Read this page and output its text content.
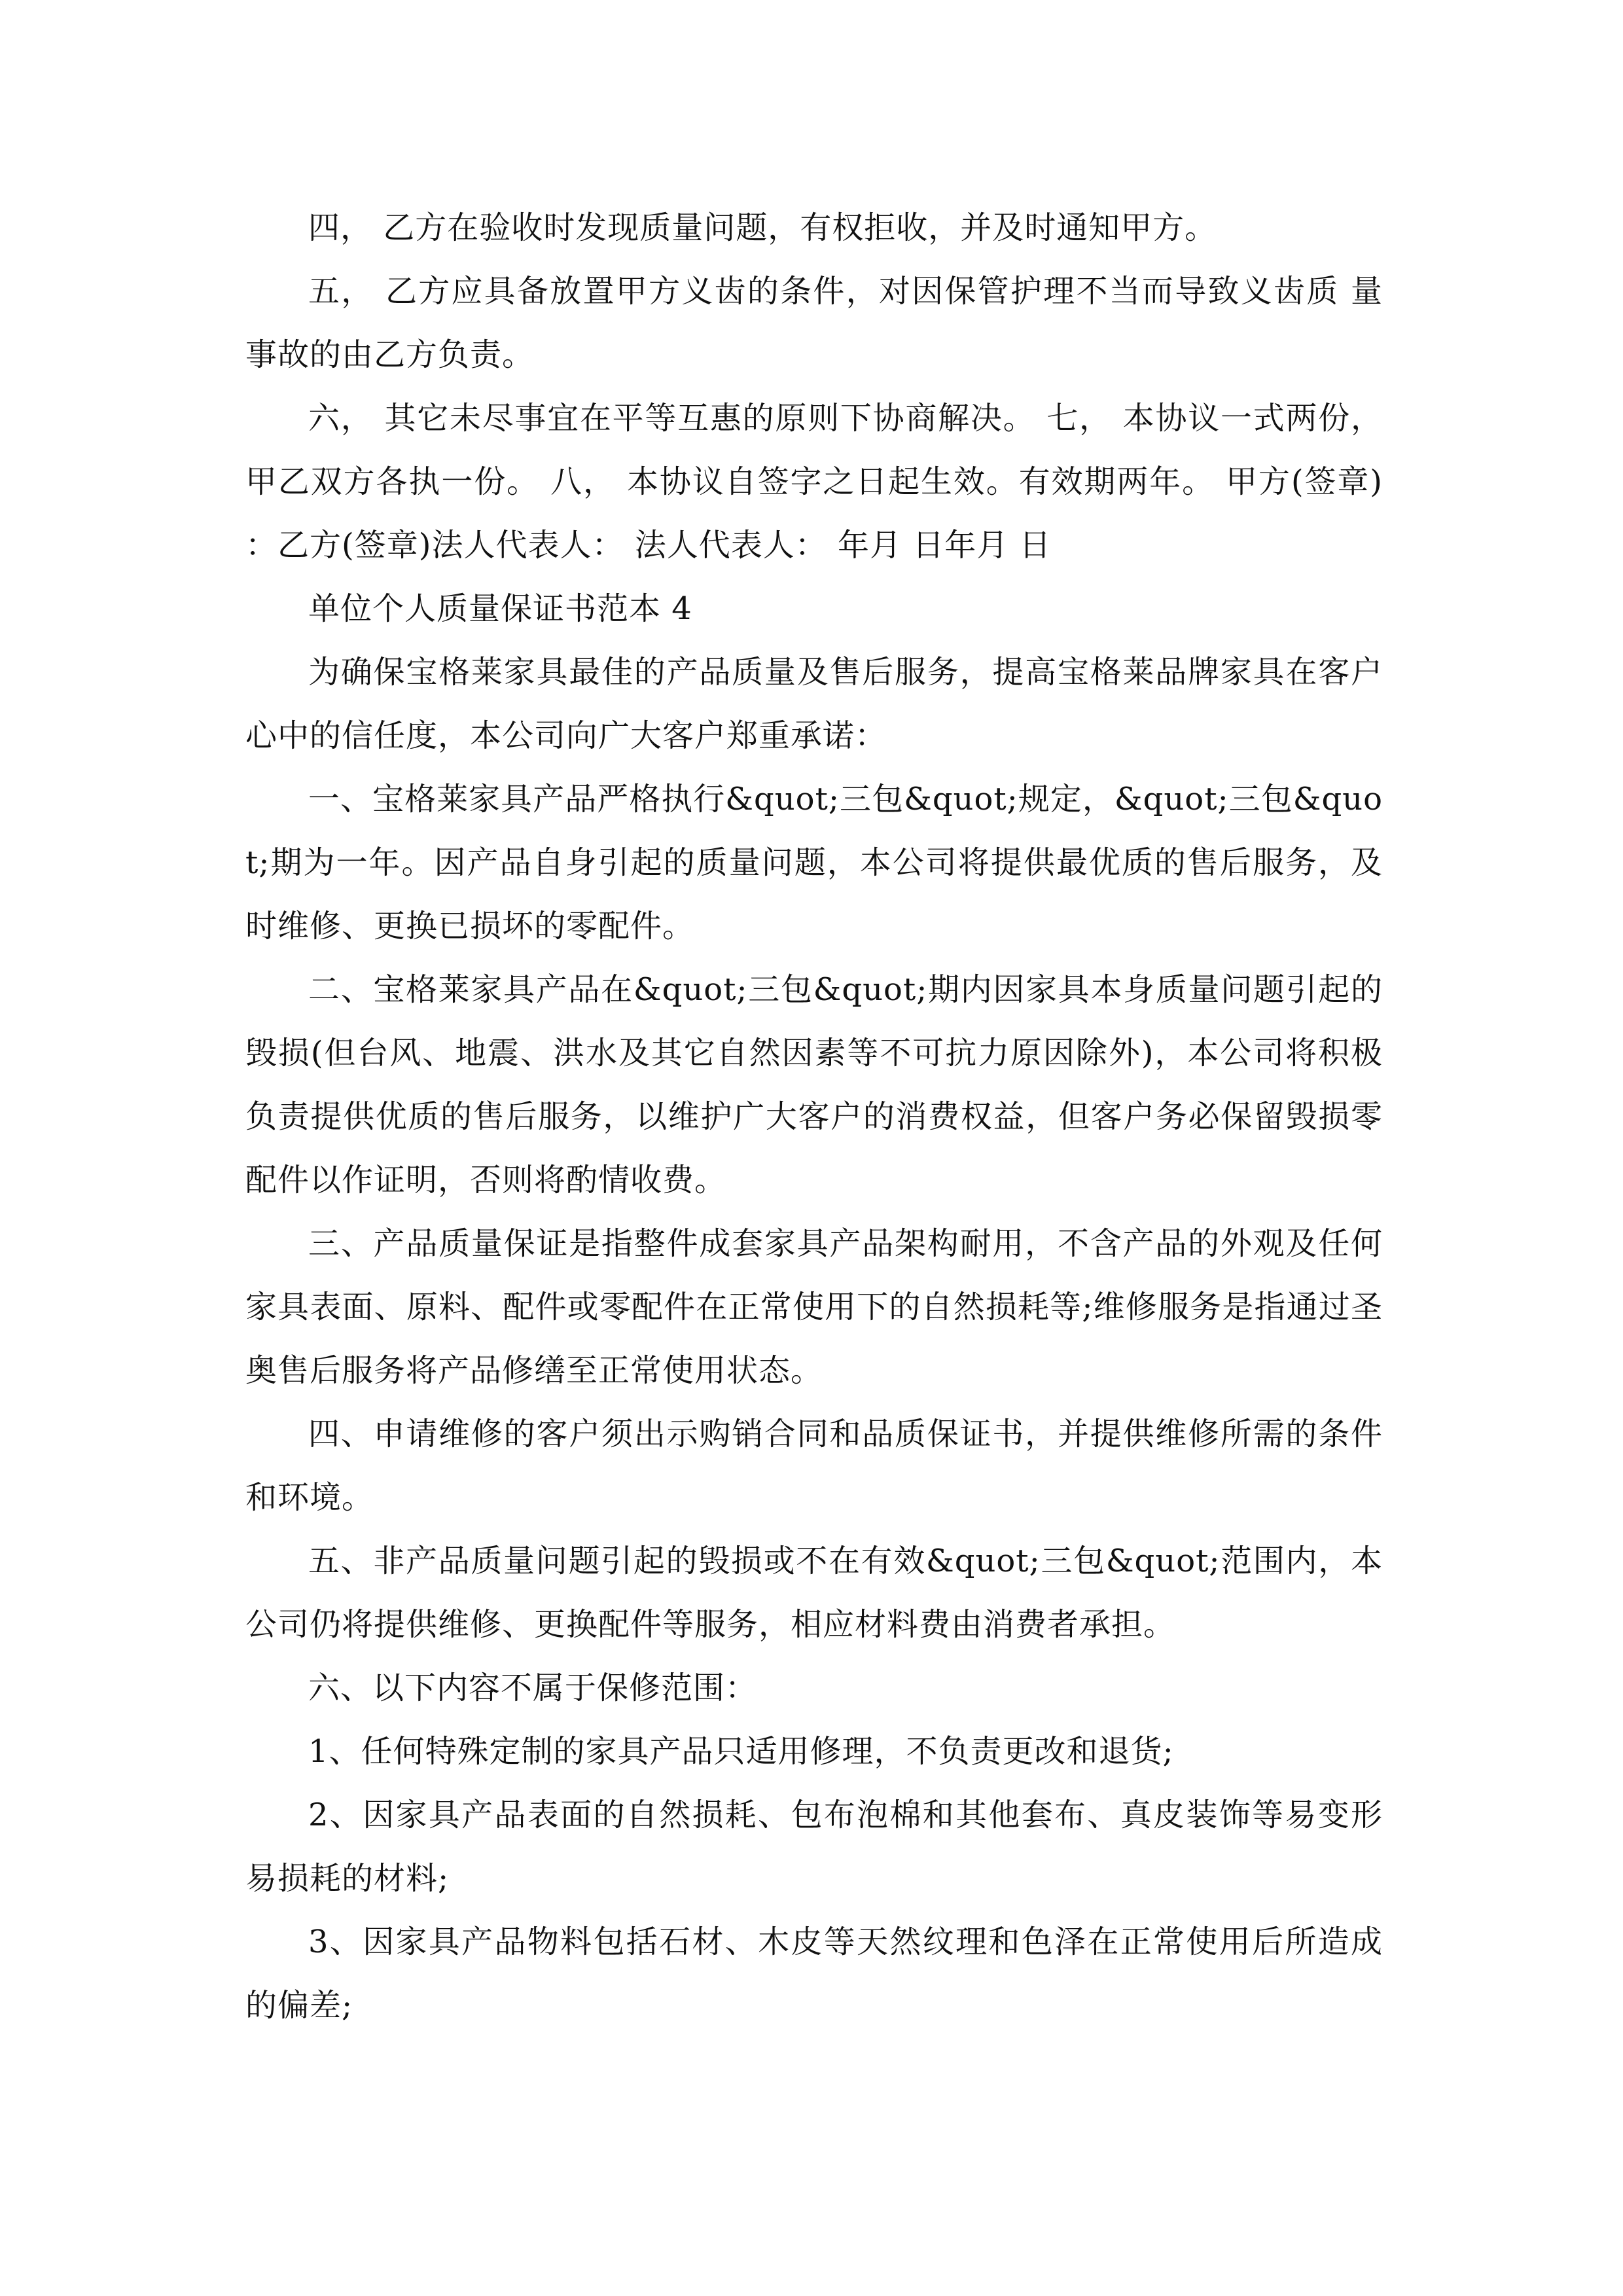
四， 乙方在验收时发现质量问题，有权拒收，并及时通知甲方。

五， 乙方应具备放置甲方义齿的条件，对因保管护理不当而导致义齿质 量事故的由乙方负责。

六， 其它未尽事宜在平等互惠的原则下协商解决。 七， 本协议一式两份，甲乙双方各执一份。 八， 本协议自签字之日起生效。有效期两年。 甲方(签章) ：乙方(签章)法人代表人： 法人代表人： 年月 日年月 日

单位个人质量保证书范本 4

为确保宝格莱家具最佳的产品质量及售后服务，提高宝格莱品牌家具在客户心中的信任度，本公司向广大客户郑重承诺：

一、宝格莱家具产品严格执行&quot;三包&quot;规定，&quot;三包&quot;期为一年。因产品自身引起的质量问题，本公司将提供最优质的售后服务，及时维修、更换已损坏的零配件。

二、宝格莱家具产品在&quot;三包&quot;期内因家具本身质量问题引起的毁损(但台风、地震、洪水及其它自然因素等不可抗力原因除外)，本公司将积极负责提供优质的售后服务，以维护广大客户的消费权益，但客户务必保留毁损零配件以作证明，否则将酌情收费。

三、产品质量保证是指整件成套家具产品架构耐用，不含产品的外观及任何家具表面、原料、配件或零配件在正常使用下的自然损耗等;维修服务是指通过圣奥售后服务将产品修缮至正常使用状态。

四、申请维修的客户须出示购销合同和品质保证书，并提供维修所需的条件和环境。

五、非产品质量问题引起的毁损或不在有效&quot;三包&quot;范围内，本公司仍将提供维修、更换配件等服务，相应材料费由消费者承担。

六、以下内容不属于保修范围：

1、任何特殊定制的家具产品只适用修理，不负责更改和退货;

2、因家具产品表面的自然损耗、包布泡棉和其他套布、真皮装饰等易变形易损耗的材料;

3、因家具产品物料包括石材、木皮等天然纹理和色泽在正常使用后所造成的偏差;
